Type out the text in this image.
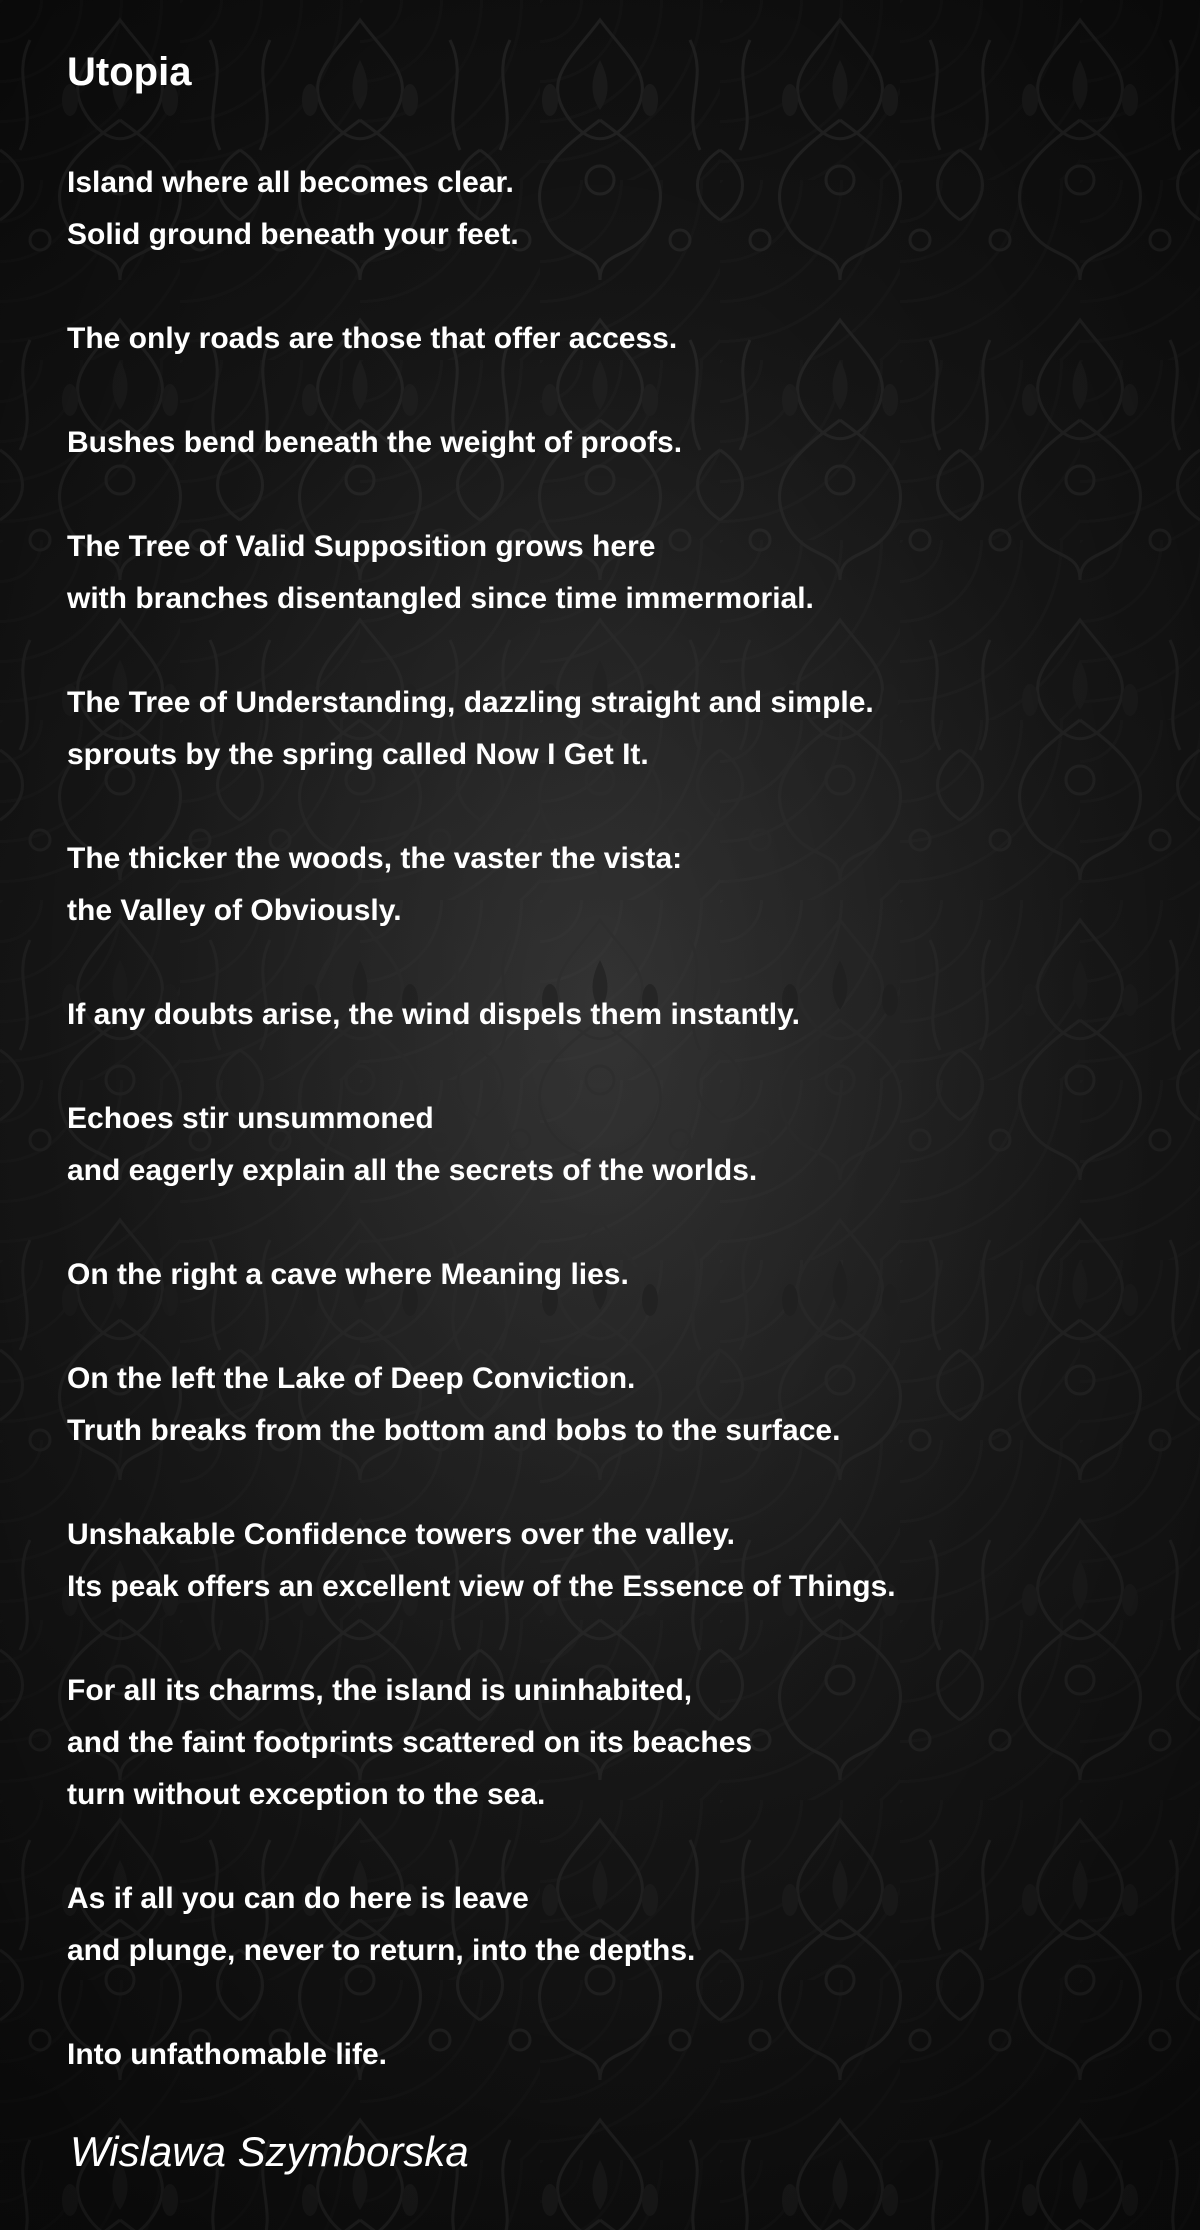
Utopia
Island where all becomes clear.
Solid ground beneath your feet.
The only roads are those that offer access.
Bushes bend beneath the weight of proofs.
The Tree of Valid Supposition grows here
with branches disentangled since time immermorial.
The Tree of Understanding, dazzling straight and simple.
sprouts by the spring called Now I Get It.
The thicker the woods, the vaster the vista:
the Valley of Obviously.
If any doubts arise, the wind dispels them instantly.
Echoes stir unsummoned
and eagerly explain all the secrets of the worlds.
On the right a cave where Meaning lies.
On the left the Lake of Deep Conviction.
Truth breaks from the bottom and bobs to the surface.
Unshakable Confidence towers over the valley.
Its peak offers an excellent view of the Essence of Things.
For all its charms, the island is uninhabited,
and the faint footprints scattered on its beaches
turn without exception to the sea.
As if all you can do here is leave
and plunge, never to return, into the depths.
Into unfathomable life.

Wislawa Szymborska
